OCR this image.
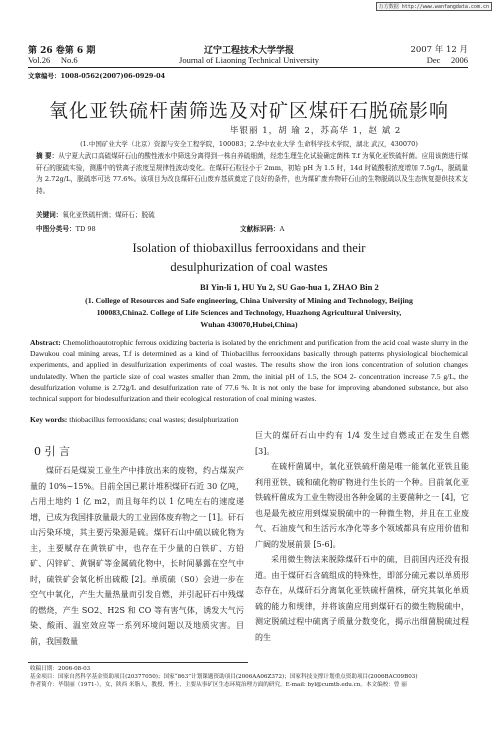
万方数据 http://www.wanfangdata.com.cn
第 26 卷第 6 期
Vol.26     No.6
辽宁工程技术大学学报
Journal of Liaoning Technical University
2007 年 12 月
Dec     2006
文章编号：1008-0562(2007)06-0929-04
氧化亚铁硫杆菌筛选及对矿区煤矸石脱硫影响
毕银丽 1，胡 瑜 2，苏高华 1，赵 斌 2
(1.中国矿业大学（北京）资源与安全工程学院，100083；2.华中农业大学 生命科学技术学院，湖北 武汉，430070)
摘 要：从宁夏大武口高硫煤矸石山的酸性液水中筛选分离得到一株自养硫细菌，经恋生理生化试验确定菌株 T.f 为氧化亚铁硫杆菌。应用该菌进行煤矸石的脱硫实验，测惠中的铁离子浓度呈规律性波动变化。在煤矸石粒径小于 2mm，初始 pH 为 1.5 时，14d 时硫酸根浓度增加 7.5g/L，脱硫量为 2.72g/L，脱硫率可达 77.6%。该项目为改良煤矸石山废弃基质奠定了良好的条件，也为煤矿废弃物矸石山的生物脱硫以及生态恢复提供技术支持。
关键词：氧化亚铁硫杆菌；煤矸石；脱硫
中图分类号：TD 98	文献标识码：A
Isolation of thiobaxillus ferrooxidans and their
desulphurization of coal wastes
BI Yin-li 1, HU Yu 2, SU Gao-hua 1, ZHAO Bin 2
(1. College of Resources and Safe engineering, China University of Mining and Technology, Beijing
100083,China2. College of Life Sciences and Technology, Huazhong Agricultural University,
Wuhan 430070,Hubei,China)
Abstract: Chemolithoautotrophic ferrous oxidizing bacteria is isolated by the enrichment and purification from the acid coal waste slurry in the Dawukou coal mining areas, T.f is determined as a kind of Thiobacillus ferrooxidans basically through patterns physiological biochemical experiments, and applied in desulfurization experiments of coal wastes. The results show the iron ions concentration of solution changes undulatedly. When the particle size of coal wastes smaller than 2mm, the initial pH of 1.5, the SO4 2- concentration increase 7.5 g/L, the desulfurization volume is 2.72g/L and desulfurization rate of 77.6 %. It is not only the base for improving abandoned substance, but also technical support for biodesulfurization and their ecological restoration of coal mining wastes.
Key words: thiobacillus ferrooxidans; coal wastes; desulphurization
0 引 言
煤矸石是煤炭工业生产中排放出来的废物，约占煤炭产量的 10%~15%。目前全国已累计堆积煤矸石近 30 亿吨，占用土地约 1 亿 m2，而且每年约以 1 亿吨左右的速度递增，已成为我国排放量最大的工业固体废弃物之一 [1]。矸石山污染环境，其主要污染源是硫。煤矸石山中硫以硫化物为主，主要赋存在黄铁矿中，也存在于少量的白铁矿、方铅矿、闪锌矿、黄铜矿等金属硫化物中，长时间暴露在空气中时，硫铁矿会氧化析出硫酸 [2]。单质硫（S0）会进一步在空气中氧化，产生大量热量而引发自燃，并引起矸石中残煤的燃烧，产生 SO2、H2S 和 CO 等有害气体，诱发大气污染、酸雨、温室效应等一系列环境问题以及地质灾害。目前，我国数量
巨大的煤矸石山中约有 1/4 发生过自燃或正在发生自燃 [3]。
在硫杆菌属中，氧化亚铁硫杆菌是唯一能氧化亚铁且能利用亚铁、硫和硫化物矿物进行生长的一个种。目前氧化亚铁硫杆菌成为工业生物浸出各种金属的主要菌种之一 [4]，它也是最先被应用到煤炭脱硫中的一种微生物，并且在工业废气、石油废气和生活污水净化等多个领域都具有应用价值和广阔的发展前景 [5-6]。
采用微生物法来脱除煤矸石中的硫，目前国内还没有报道。由于煤矸石含硫组成的特殊性，即部分硫元素以单质形态存在，从煤矸石分离氧化亚铁硫杆菌株，研究其氧化单质硫的能力和规律，并将该菌应用到煤矸石的微生物脱硫中，测定脱硫过程中硫离子质量分数变化，揭示出细菌脱硫过程的生
收稿日期：2006-08-03
基金项目：国家自然科学基金资助项目(20377050)；国家“863”计划课题资助项目(2006AA06Z372)；国家科技支撑计划重点资助项目(2006BAC09B03)
作者简介：毕银丽（1971-），女，陕西 米脂人，教授，博士，主要从事矿区生态环境治理方面的研究。E-mail: byl@cumtb.edu.cn。本文编校：曾 丽
